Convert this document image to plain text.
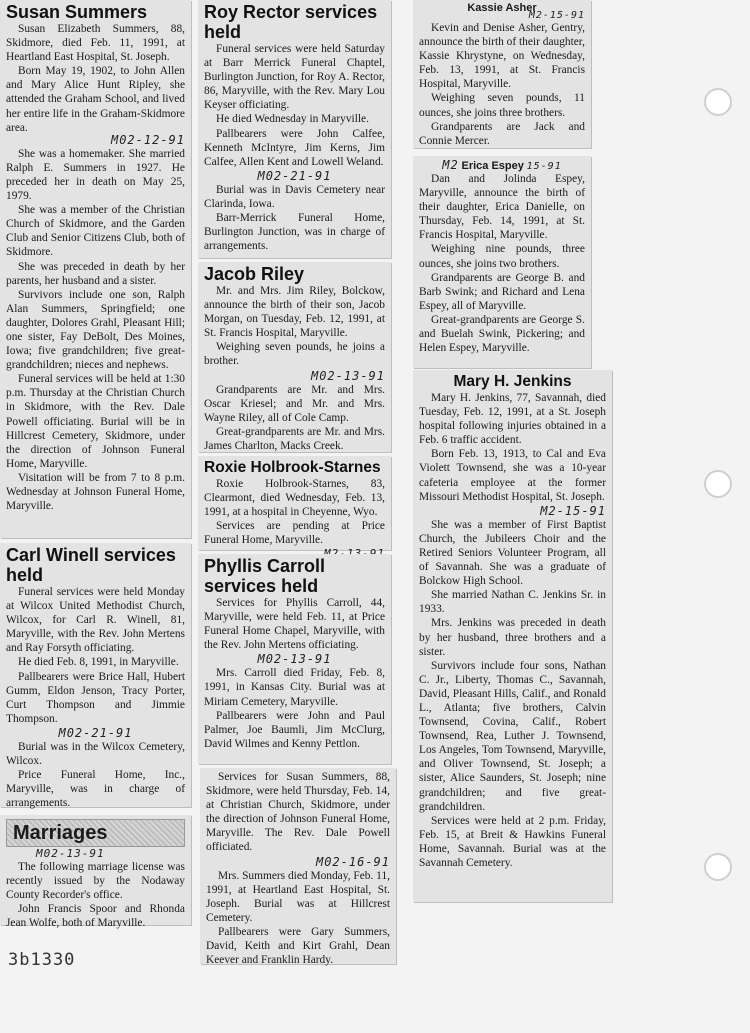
Susan Summers

Susan Elizabeth Summers, 88, Skidmore, died Feb. 11, 1991, at Heartland East Hospital, St. Joseph.

Born May 19, 1902, to John Allen and Mary Alice Hunt Ripley, she attended the Graham School, and lived her entire life in the Graham-Skidmore area.

M02-12-91

She was a homemaker. She married Ralph E. Summers in 1927. He preceded her in death on May 25, 1979.

She was a member of the Christian Church of Skidmore, and the Garden Club and Senior Citizens Club, both of Skidmore.

She was preceded in death by her parents, her husband and a sister.

Survivors include one son, Ralph Alan Summers, Springfield; one daughter, Dolores Grahl, Pleasant Hill; one sister, Fay DeBolt, Des Moines, Iowa; five grandchildren; five great-grandchildren; nieces and nephews.

Funeral services will be held at 1:30 p.m. Thursday at the Christian Church in Skidmore, with the Rev. Dale Powell officiating. Burial will be in Hillcrest Cemetery, Skidmore, under the direction of Johnson Funeral Home, Maryville.

Visitation will be from 7 to 8 p.m. Wednesday at Johnson Funeral Home, Maryville.

Carl Winell services held

Funeral services were held Monday at Wilcox United Methodist Church, Wilcox, for Carl R. Winell, 81, Maryville, with the Rev. John Mertens and Ray Forsyth officiating.

He died Feb. 8, 1991, in Maryville.

Pallbearers were Brice Hall, Hubert Gumm, Eldon Jenson, Tracy Porter, Curt Thompson and Jimmie Thompson.

M02-21-91

Burial was in the Wilcox Cemetery, Wilcox.

Price Funeral Home, Inc., Maryville, was in charge of arrangements.

Marriages
M02-13-91

The following marriage license was recently issued by the Nodaway County Recorder's office.

John Francis Spoor and Rhonda Jean Wolfe, both of Maryville.

Roy Rector services held

Funeral services were held Saturday at Barr Merrick Funeral Chaptel, Burlington Junction, for Roy A. Rector, 86, Maryville, with the Rev. Mary Lou Keyser officiating.

He died Wednesday in Maryville.

Pallbearers were John Calfee, Kenneth McIntyre, Jim Kerns, Jim Calfee, Allen Kent and Lowell Weland.

M02-21-91

Burial was in Davis Cemetery near Clarinda, Iowa.

Barr-Merrick Funeral Home, Burlington Junction, was in charge of arrangements.

Jacob Riley

Mr. and Mrs. Jim Riley, Bolckow, announce the birth of their son, Jacob Morgan, on Tuesday, Feb. 12, 1991, at St. Francis Hospital, Maryville.

Weighing seven pounds, he joins a brother.

M02-13-91

Grandparents are Mr. and Mrs. Oscar Kriesel; and Mr. and Mrs. Wayne Riley, all of Cole Camp.

Great-grandparents are Mr. and Mrs. James Charlton, Macks Creek.

Roxie Holbrook-Starnes

Roxie Holbrook-Starnes, 83, Clearmont, died Wednesday, Feb. 13, 1991, at a hospital in Cheyenne, Wyo.

Services are pending at Price Funeral Home, Maryville.

Phyllis Carroll services held

Services for Phyllis Carroll, 44, Maryville, were held Feb. 11, at Price Funeral Home Chapel, Maryville, with the Rev. John Mertens officiating.

M02-13-91

Mrs. Carroll died Friday, Feb. 8, 1991, in Kansas City. Burial was at Miriam Cemetery, Maryville.

Pallbearers were John and Paul Palmer, Joe Baumli, Jim McClurg, David Wilmes and Kenny Pettlon.

Services for Susan Summers, 88, Skidmore, were held Thursday, Feb. 14, at Christian Church, Skidmore, under the direction of Johnson Funeral Home, Maryville. The Rev. Dale Powell officiated.

M02-16-91

Mrs. Summers died Monday, Feb. 11, 1991, at Heartland East Hospital, St. Joseph. Burial was at Hillcrest Cemetery.

Pallbearers were Gary Summers, David, Keith and Kirt Grahl, Dean Keever and Franklin Hardy.

Kassie Asher
M2-15-91

Kevin and Denise Asher, Gentry, announce the birth of their daughter, Kassie Khrystyne, on Wednesday, Feb. 13, 1991, at St. Francis Hospital, Maryville.

Weighing seven pounds, 11 ounces, she joins three brothers.

Grandparents are Jack and Connie Mercer.

M2 Erica Espey 15-91

Dan and Jolinda Espey, Maryville, announce the birth of their daughter, Erica Danielle, on Thursday, Feb. 14, 1991, at St. Francis Hospital, Maryville.

Weighing nine pounds, three ounces, she joins two brothers.

Grandparents are George B. and Barb Swink; and Richard and Lena Espey, all of Maryville.

Great-grandparents are George S. and Buelah Swink, Pickering; and Helen Espey, Maryville.

Mary H. Jenkins

Mary H. Jenkins, 77, Savannah, died Tuesday, Feb. 12, 1991, at a St. Joseph hospital following injuries obtained in a Feb. 6 traffic accident.

Born Feb. 13, 1913, to Cal and Eva Violett Townsend, she was a 10-year cafeteria employee at the former Missouri Methodist Hospital, St. Joseph.

M2-15-91

She was a member of First Baptist Church, the Jubileers Choir and the Retired Seniors Volunteer Program, all of Savannah. She was a graduate of Bolckow High School.

She married Nathan C. Jenkins Sr. in 1933.

Mrs. Jenkins was preceded in death by her husband, three brothers and a sister.

Survivors include four sons, Nathan C. Jr., Liberty, Thomas C., Savannah, David, Pleasant Hills, Calif., and Ronald L., Atlanta; five brothers, Calvin Townsend, Covina, Calif., Robert Townsend, Rea, Luther J. Townsend, Los Angeles, Tom Townsend, Maryville, and Oliver Townsend, St. Joseph; a sister, Alice Saunders, St. Joseph; nine grandchildren; and five great-grandchildren.

Services were held at 2 p.m. Friday, Feb. 15, at Breit & Hawkins Funeral Home, Savannah. Burial was at the Savannah Cemetery.

3b1330
